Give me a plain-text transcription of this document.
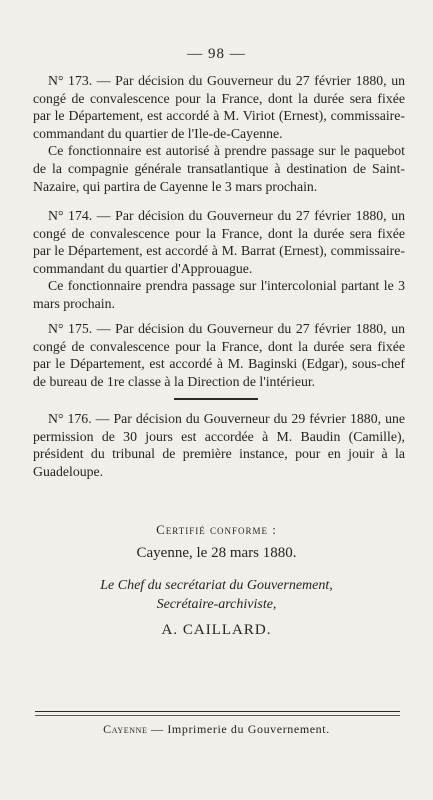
— 98 —

N° 173. — Par décision du Gouverneur du 27 février 1880, un congé de convalescence pour la France, dont la durée sera fixée par le Département, est accordé à M. Viriot (Ernest), commissaire-commandant du quartier de l'Ile-de-Cayenne.

Ce fonctionnaire est autorisé à prendre passage sur le paquebot de la compagnie générale transatlantique à destination de Saint-Nazaire, qui partira de Cayenne le 3 mars prochain.

N° 174. — Par décision du Gouverneur du 27 février 1880, un congé de convalescence pour la France, dont la durée sera fixée par le Département, est accordé à M. Barrat (Ernest), commissaire-commandant du quartier d'Approuague.

Ce fonctionnaire prendra passage sur l'intercolonial partant le 3 mars prochain.

N° 175. — Par décision du Gouverneur du 27 février 1880, un congé de convalescence pour la France, dont la durée sera fixée par le Département, est accordé à M. Baginski (Edgar), sous-chef de bureau de 1re classe à la Direction de l'intérieur.

N° 176. — Par décision du Gouverneur du 29 février 1880, une permission de 30 jours est accordée à M. Baudin (Camille), président du tribunal de première instance, pour en jouir à la Guadeloupe.

Certifié conforme :
Cayenne, le 28 mars 1880.
Le Chef du secrétariat du Gouvernement,
Secrétaire-archiviste,
A. CAILLARD.
Cayenne — Imprimerie du Gouvernement.
